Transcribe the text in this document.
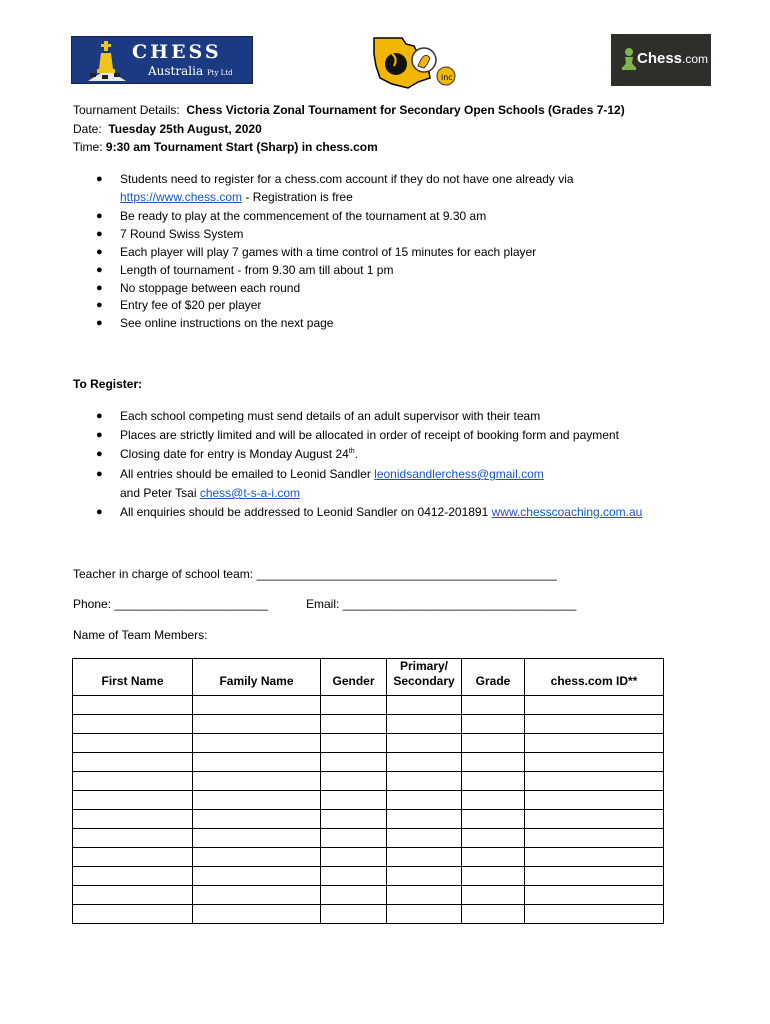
CHESS
Australia Pty Ltd	inc
Chess.com
Tournament Details: Chess Victoria Zonal Tournament for Secondary Open Schools (Grades 7-12)
Date: Tuesday 25th August, 2020
Time: 9:30 am Tournament Start (Sharp) in chess.com
● Students need to register for a chess.com account if they do not have one already via
https://www.chess.com - Registration is free
● Be ready to play at the commencement of the tournament at 9.30 am
● 7 Round Swiss System
● Each player will play 7 games with a time control of 15 minutes for each player
● Length of tournament - from 9.30 am till about 1 pm
● No stoppage between each round
● Entry fee of $20 per player
● See online instructions on the next page
To Register:
● Each school competing must send details of an adult supervisor with their team
● Places are strictly limited and will be allocated in order of receipt of booking form and payment
● Closing date for entry is Monday August 24th.
● All entries should be emailed to Leonid Sandler leonidsandlerchess@gmail.com
and Peter Tsai chess@t-s-a-i.com
● All enquiries should be addressed to Leonid Sandler on 0412-201891 www.chesscoaching.com.au
Teacher in charge of school team: _____________________________________________
Phone: _______________________	Email: ___________________________________
Name of Team Members:
First Name	Family Name	Gender	Primary/
Secondary	Grade	chess.com ID**
